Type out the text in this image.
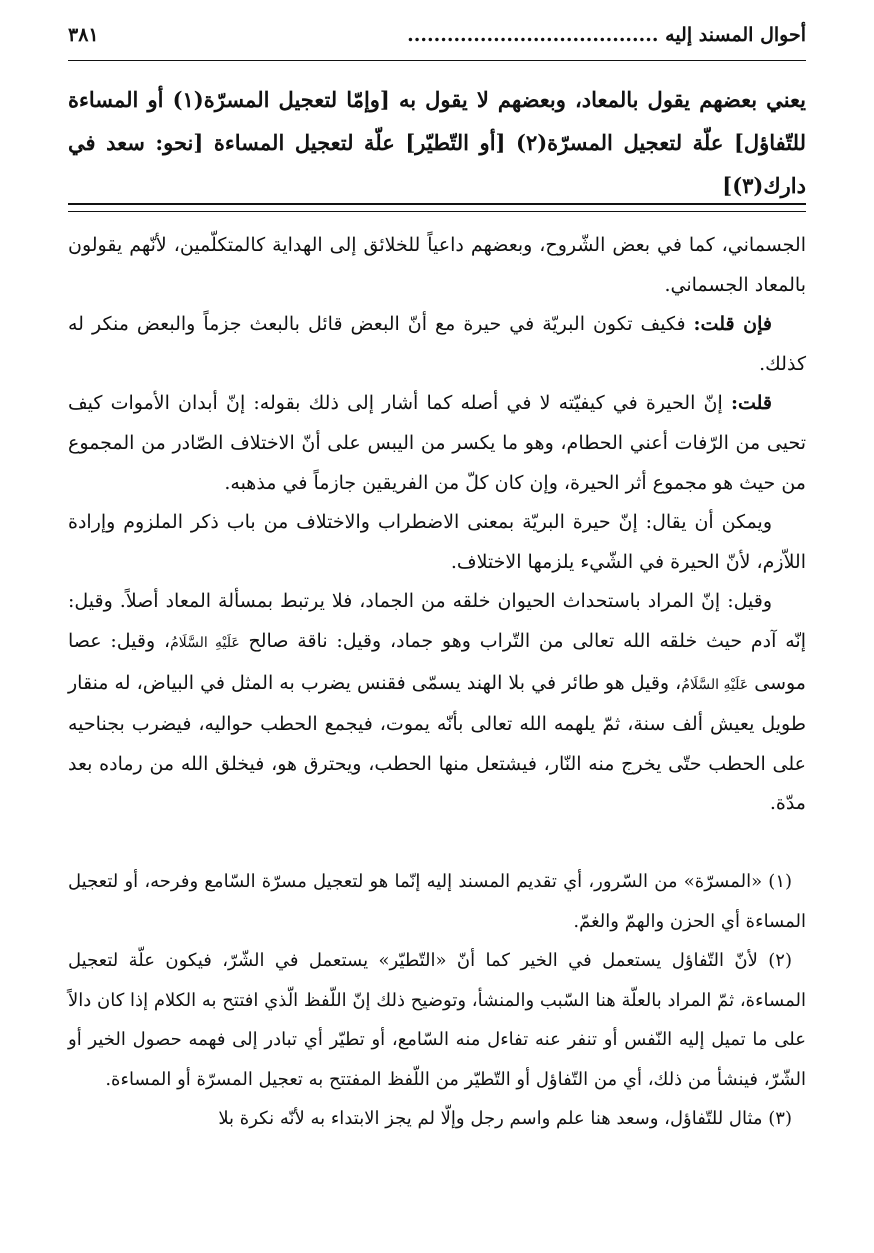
أحوال المسند إليه ......................................
٣٨١
يعني بعضهم يقول بالمعاد، وبعضهم لا يقول به [وإمّا لتعجيل المسرّة(١) أو المساءة للتّفاؤل] علّة لتعجيل المسرّة(٢) [أو التّطيّر] علّة لتعجيل المساءة [نحو: سعد في دارك(٣)]

الجسماني، كما في بعض الشّروح، وبعضهم داعياً للخلائق إلى الهداية كالمتكلّمين، لأنّهم يقولون بالمعاد الجسماني.

فإن قلت: فكيف تكون البريّة في حيرة مع أنّ البعض قائل بالبعث جزماً والبعض منكر له كذلك.

قلت: إنّ الحيرة في كيفيّته لا في أصله كما أشار إلى ذلك بقوله: إنّ أبدان الأموات كيف تحيى من الرّفات أعني الحطام، وهو ما يكسر من اليبس على أنّ الاختلاف الصّادر من المجموع من حيث هو مجموع أثر الحيرة، وإن كان كلّ من الفريقين جازماً في مذهبه.

ويمكن أن يقال: إنّ حيرة البريّة بمعنى الاضطراب والاختلاف من باب ذكر الملزوم وإرادة اللاّزم، لأنّ الحيرة في الشّيء يلزمها الاختلاف.

وقيل: إنّ المراد باستحداث الحيوان خلقه من الجماد، فلا يرتبط بمسألة المعاد أصلاً. وقيل: إنّه آدم حيث خلقه الله تعالى من التّراب وهو جماد، وقيل: ناقة صالح عَلَيْهِ السَّلَامُ، وقيل: عصا موسى عَلَيْهِ السَّلَامُ، وقيل هو طائر في بلا الهند يسمّى فقنس يضرب به المثل في البياض، له منقار طويل يعيش ألف سنة، ثمّ يلهمه الله تعالى بأنّه يموت، فيجمع الحطب حواليه، فيضرب بجناحيه على الحطب حتّى يخرج منه النّار، فيشتعل منها الحطب، ويحترق هو، فيخلق الله من رماده بعد مدّة.

(١) «المسرّة» من السّرور، أي تقديم المسند إليه إنّما هو لتعجيل مسرّة السّامع وفرحه، أو لتعجيل المساءة أي الحزن والهمّ والغمّ.

(٢) لأنّ التّفاؤل يستعمل في الخير كما أنّ «التّطيّر» يستعمل في الشّرّ، فيكون علّة لتعجيل المساءة، ثمّ المراد بالعلّة هنا السّبب والمنشأ، وتوضيح ذلك إنّ اللّفظ الّذي افتتح به الكلام إذا كان دالاً على ما تميل إليه النّفس أو تنفر عنه تفاءل منه السّامع، أو تطيّر أي تبادر إلى فهمه حصول الخير أو الشّرّ، فينشأ من ذلك، أي من التّفاؤل أو التّطيّر من اللّفظ المفتتح به تعجيل المسرّة أو المساءة.

(٣) مثال للتّفاؤل، وسعد هنا علم واسم رجل وإلّا لم يجز الابتداء به لأنّه نكرة بلا
